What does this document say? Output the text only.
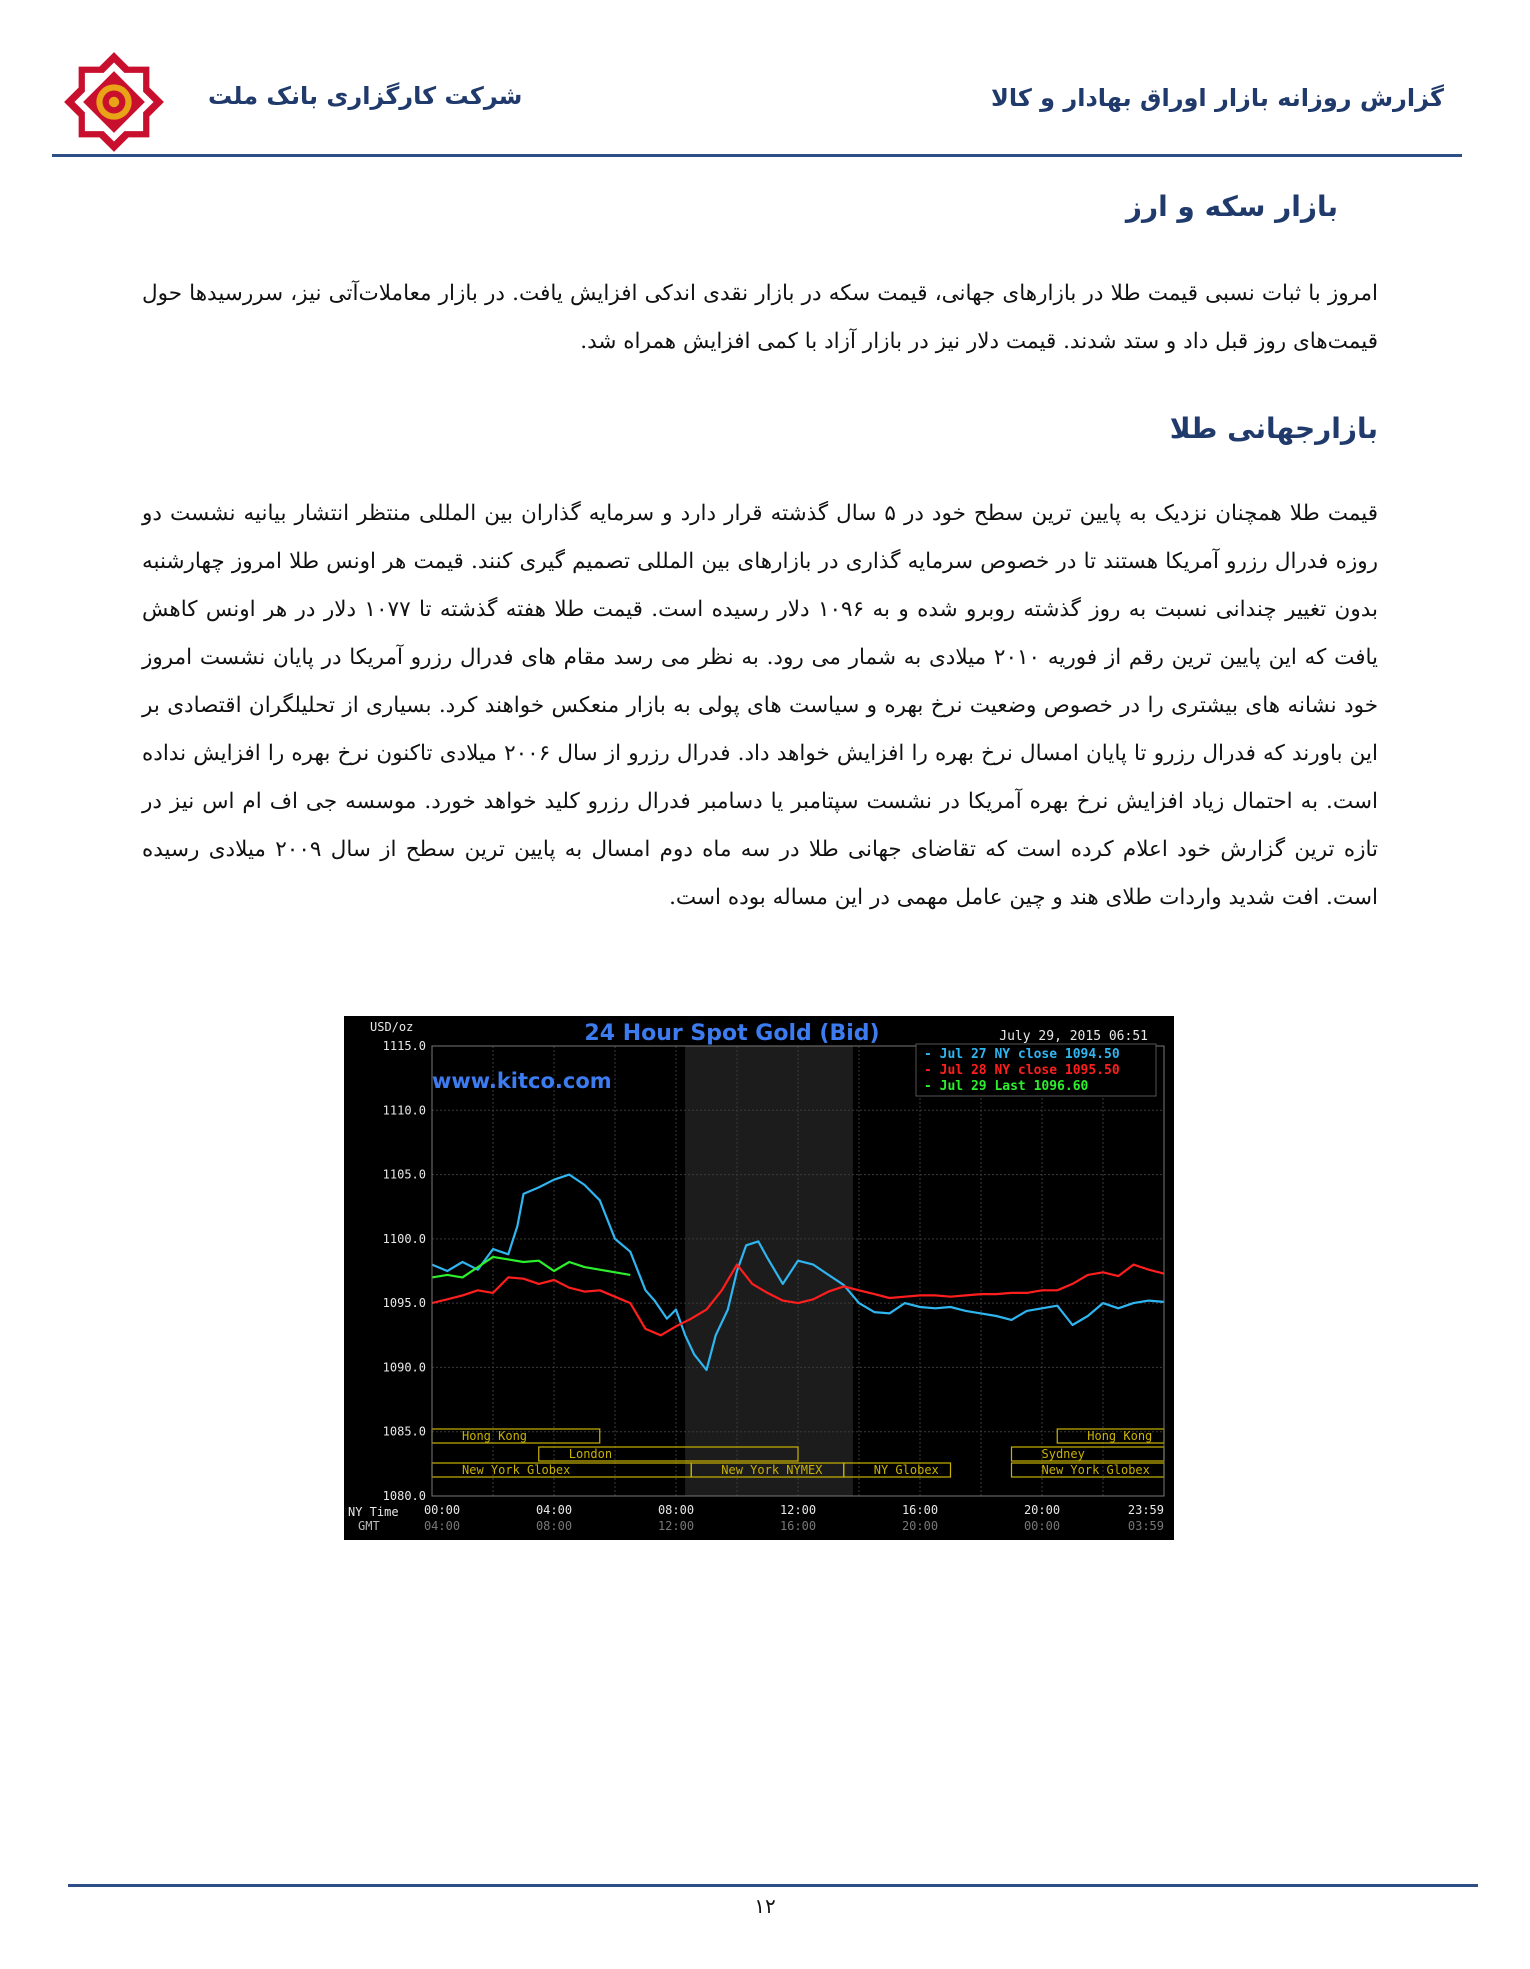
گزارش روزانه بازار اوراق بهادار و کالا
شرکت کارگزاری بانک ملت
بازار سکه و ارز
امروز با ثبات نسبی قیمت طلا در بازارهای جهانی، قیمت سکه در بازار نقدی اندکی افزایش یافت. در بازار معاملات‌آتی نیز، سررسیدها حول قیمت‌های روز قبل داد و ستد شدند. قیمت دلار نیز در بازار آزاد با کمی افزایش همراه شد.
بازارجهانی طلا
قیمت طلا همچنان نزدیک به پایین ترین سطح خود در ۵ سال گذشته قرار دارد و سرمایه گذاران بین المللی منتظر انتشار بیانیه نشست دو روزه فدرال رزرو آمریکا هستند تا در خصوص سرمایه گذاری در بازارهای بین المللی تصمیم گیری کنند. قیمت هر اونس طلا امروز چهارشنبه بدون تغییر چندانی نسبت به روز گذشته روبرو شده و به ۱۰۹۶ دلار رسیده است. قیمت طلا هفته گذشته تا ۱۰۷۷ دلار در هر اونس کاهش یافت که این پایین ترین رقم از فوریه ۲۰۱۰ میلادی به شمار می رود. به نظر می رسد مقام های فدرال رزرو آمریکا در پایان نشست امروز خود نشانه های بیشتری را در خصوص وضعیت نرخ بهره و سیاست های پولی به بازار منعکس خواهند کرد. بسیاری از تحلیلگران اقتصادی بر این باورند که فدرال رزرو تا پایان امسال نرخ بهره را افزایش خواهد داد. فدرال رزرو از سال ۲۰۰۶ میلادی تاکنون نرخ بهره را افزایش نداده است. به احتمال زیاد افزایش نرخ بهره آمریکا در نشست سپتامبر یا دسامبر فدرال رزرو کلید خواهد خورد. موسسه جی اف ام اس نیز در تازه ترین گزارش خود اعلام کرده است که تقاضای جهانی طلا در سه ماه دوم امسال به پایین ترین سطح از سال ۲۰۰۹ میلادی رسیده است. افت شدید واردات طلای هند و چین عامل مهمی در این مساله بوده است.
Hong Kong	Hong Kong
London	Sydney
New York Globex	New York NYMEX	NY Globex	New York Globex
1115.0
1110.0
1105.0
1100.0
1095.0
1090.0
1085.0
1080.0
00:00	04:00	08:00	12:00	16:00	20:00	23:59
04:00	08:00	12:00	16:00	20:00	00:00	03:59
NY Time
GMT
24 Hour Spot Gold (Bid)
www.kitco.com
July 29, 2015 06:51
USD/oz
- Jul 27 NY close 1094.50
- Jul 28 NY close 1095.50
- Jul 29 Last 1096.60
۱۲
